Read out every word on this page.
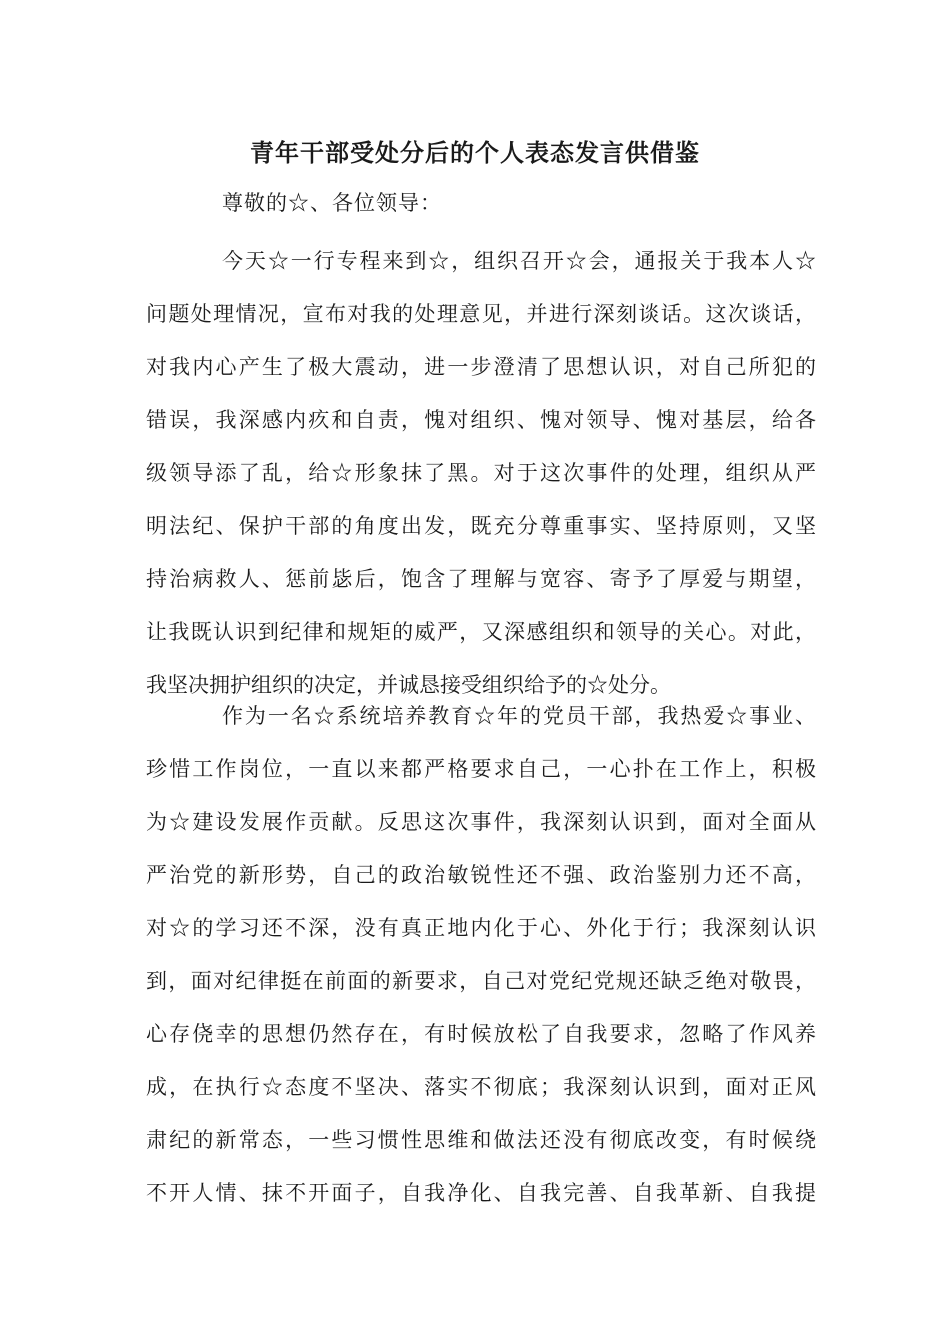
青年干部受处分后的个人表态发言供借鉴
尊敬的☆、各位领导：
今天☆一行专程来到☆，组织召开☆会，通报关于我本人☆
问题处理情况，宣布对我的处理意见，并进行深刻谈话。这次谈话，
对我内心产生了极大震动，进一步澄清了思想认识，对自己所犯的
错误，我深感内疚和自责，愧对组织、愧对领导、愧对基层，给各
级领导添了乱，给☆形象抹了黑。对于这次事件的处理，组织从严
明法纪、保护干部的角度出发，既充分尊重事实、坚持原则，又坚
持治病救人、惩前毖后，饱含了理解与宽容、寄予了厚爱与期望，
让我既认识到纪律和规矩的威严，又深感组织和领导的关心。对此，
我坚决拥护组织的决定，并诚恳接受组织给予的☆处分。
作为一名☆系统培养教育☆年的党员干部，我热爱☆事业、
珍惜工作岗位，一直以来都严格要求自己，一心扑在工作上，积极
为☆建设发展作贡献。反思这次事件，我深刻认识到，面对全面从
严治党的新形势，自己的政治敏锐性还不强、政治鉴别力还不高，
对☆的学习还不深，没有真正地内化于心、外化于行；我深刻认识
到，面对纪律挺在前面的新要求，自己对党纪党规还缺乏绝对敬畏，
心存侥幸的思想仍然存在，有时候放松了自我要求，忽略了作风养
成，在执行☆态度不坚决、落实不彻底；我深刻认识到，面对正风
肃纪的新常态，一些习惯性思维和做法还没有彻底改变，有时候绕
不开人情、抹不开面子，自我净化、自我完善、自我革新、自我提
